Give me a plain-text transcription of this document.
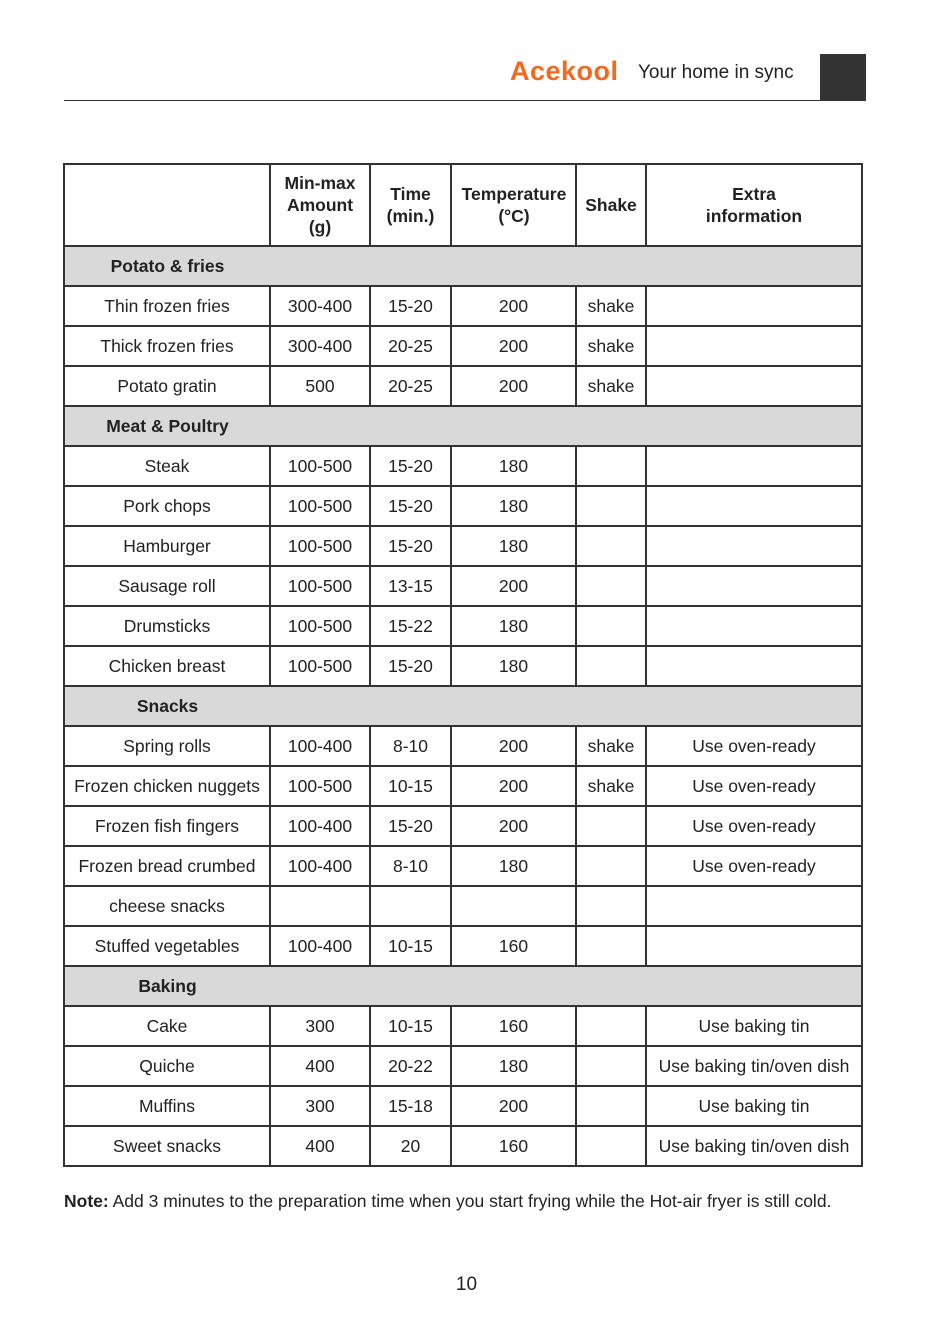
Acekool Your home in sync

	Min-max Amount (g)	Time (min.)	Temperature (°C)	Shake	Extra information

Potato & fries					
Thin frozen fries	300-400	15-20	200	shake	
Thick frozen fries	300-400	20-25	200	shake	
Potato gratin	500	20-25	200	shake	
Meat & Poultry					
Steak	100-500	15-20	180		
Pork chops	100-500	15-20	180		
Hamburger	100-500	15-20	180		
Sausage roll	100-500	13-15	200		
Drumsticks	100-500	15-22	180		
Chicken breast	100-500	15-20	180		
Snacks					
Spring rolls	100-400	8-10	200	shake	Use oven-ready
Frozen chicken nuggets	100-500	10-15	200	shake	Use oven-ready
Frozen fish fingers	100-400	15-20	200		Use oven-ready
Frozen bread crumbed	100-400	8-10	180		Use oven-ready
cheese snacks					
Stuffed vegetables	100-400	10-15	160		
Baking					
Cake	300	10-15	160		Use baking tin
Quiche	400	20-22	180		Use baking tin/oven dish
Muffins	300	15-18	200		Use baking tin
Sweet snacks	400	20	160		Use baking tin/oven dish
Note: Add 3 minutes to the preparation time when you start frying while the Hot-air fryer is still cold.
10
